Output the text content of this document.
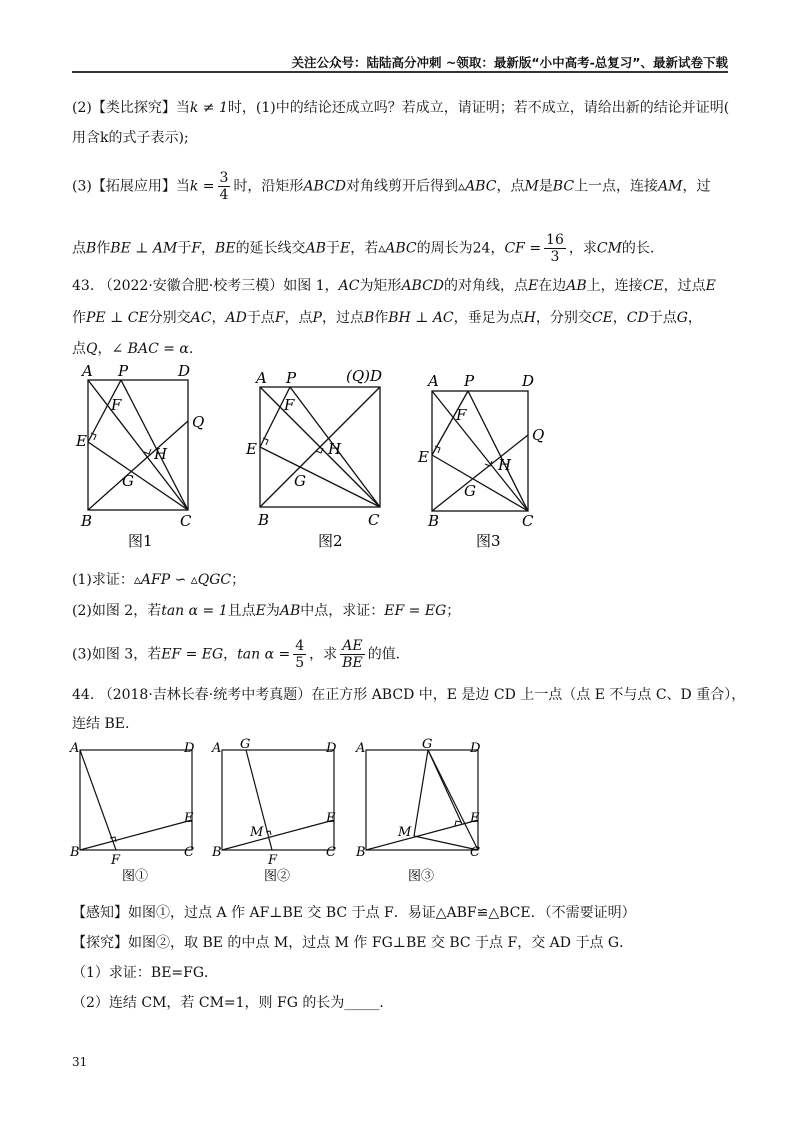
关注公众号：陆陆高分冲刺 ~领取：最新版“小中高考-总复习”、最新试卷下载
(2)【类比探究】当k ≠ 1时，(1)中的结论还成立吗？若成立，请证明；若不成立，请给出新的结论并证明(
用含k的式子表示);
(3)【拓展应用】当$k = \frac{3}{4}$ 时，沿矩形ABCD对角线剪开后得到▵ABC，点M是BC上一点，连接AM，过
点B作BE ⊥ AM于F，BE的延长线交AB于E，若▵ABC的周长为24，CF = $\frac{16}{3}$ ，求CM的长.
43. （2022·安徽合肥·校考三模）如图 1，AC为矩形ABCD的对角线，点E在边AB上，连接CE，过点E
作PE ⊥ CE分别交AC，AD于点F，点P，过点B作BH ⊥ AC，垂足为点H，分别交CE，CD于点G，
点Q，∠ BAC = α.
A P	D
F
E
Q
H
G
B	C
图1
A P	(Q)D
F
E	H
G
B	C
图2
A P	D
F
E
Q
H
G
B	C
图3
(1)求证：▵AFP ∽ ▵QGC；
(2)如图 2，若tan α = 1且点E为AB中点，求证：EF = EG；
(3)如图 3，若EF = EG，$\tan \alpha = \frac{4}{5}$ ，求 $\frac{AE}{BE}$ 的值.
44. （2018·吉林长春·统考中考真题）在正方形 ABCD 中，E 是边 CD 上一点（点 E 不与点 C、D 重合），
连结 BE.
A	D
E
B
F
C
图①
A G	D
E
M
B
F
C
图②
A	G	D
E
M
B	C
图③
【感知】如图①，过点 A 作 AF⊥BE 交 BC 于点 F．易证△ABF≌△BCE．（不需要证明）
【探究】如图②，取 BE 的中点 M，过点 M 作 FG⊥BE 交 BC 于点 F，交 AD 于点 G．
（1）求证：BE=FG．
（2）连结 CM，若 CM=1，则 FG 的长为_____．
31
